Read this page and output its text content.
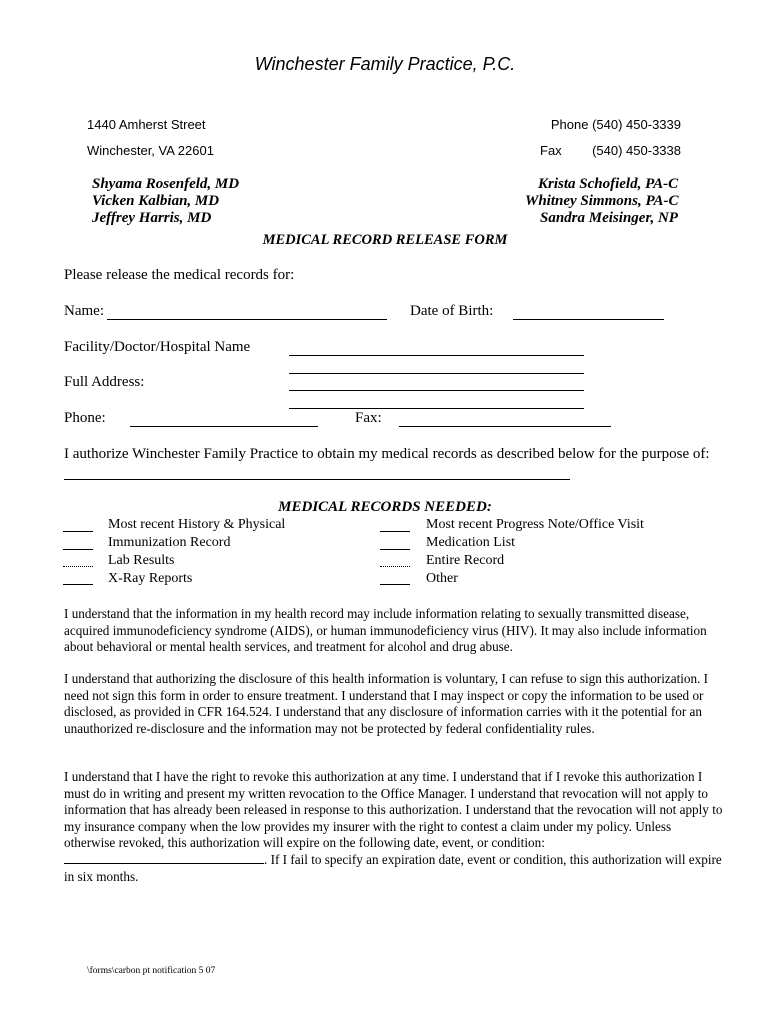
Winchester Family Practice, P.C.
1440 Amherst Street
Winchester, VA 22601
Phone (540) 450-3339
Fax (540) 450-3338
Shyama Rosenfeld, MD
Vicken Kalbian, MD
Jeffrey Harris, MD
Krista Schofield, PA-C
Whitney Simmons, PA-C
Sandra Meisinger, NP
MEDICAL RECORD RELEASE FORM
Please release the medical records for:
Name:	Date of Birth:
Facility/Doctor/Hospital Name
Full Address:
Phone:	Fax:
I authorize Winchester Family Practice to obtain my medical records as described below for the purpose of:
MEDICAL RECORDS NEEDED:
Most recent History & Physical
Immunization Record
Lab Results
X-Ray Reports
Most recent Progress Note/Office Visit
Medication List
Entire Record
Other
I understand that the information in my health record may include information relating to sexually transmitted disease, acquired immunodeficiency syndrome (AIDS), or human immunodeficiency virus (HIV). It may also include information about behavioral or mental health services, and treatment for alcohol and drug abuse.
I understand that authorizing the disclosure of this health information is voluntary, I can refuse to sign this authorization. I need not sign this form in order to ensure treatment. I understand that I may inspect or copy the information to be used or disclosed, as provided in CFR 164.524. I understand that any disclosure of information carries with it the potential for an unauthorized re-disclosure and the information may not be protected by federal confidentiality rules.
I understand that I have the right to revoke this authorization at any time. I understand that if I revoke this authorization I must do in writing and present my written revocation to the Office Manager. I understand that revocation will not apply to information that has already been released in response to this authorization. I understand that the revocation will not apply to my insurance company when the low provides my insurer with the right to contest a claim under my policy. Unless otherwise revoked, this authorization will expire on the following date, event, or condition: . If I fail to specify an expiration date, event or condition, this authorization will expire in six months.
\forms\carbon pt notification 5 07
